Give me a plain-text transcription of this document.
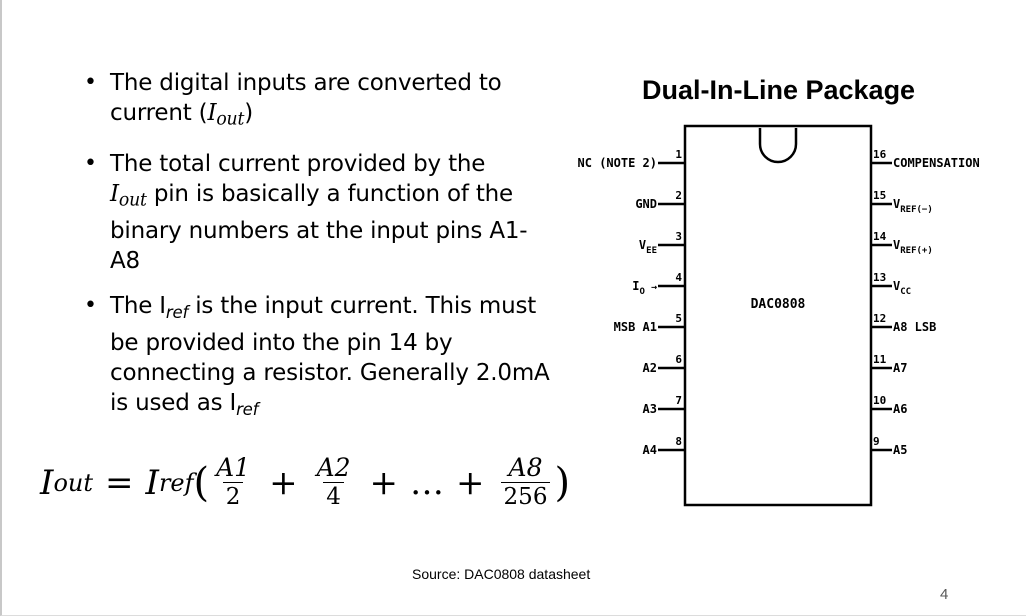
• The digital inputs are converted to current (Iout)
• The total current provided by the
Iout pin is basically a function of the binary numbers at the input pins A1- A8
• The $I_{ref}$ is the input current. This must be provided into the pin 14 by connecting a resistor. Generally 2.0mA is used as $I_{ref}$
I out = I ref ( $\frac{A1}{2} + \frac{A2}{4}$ + … + $\frac{A8}{256}$ )
Dual-In-Line Package
DAC0808
1
NC (NOTE 2)
2
GND
3
$V_{EE}$
4
$I_O$ →
5
MSB A1
6
A2
7
A3
8
A4
16
COMPENSATION
15
$V_{REF(-)}$
14
$V_{REF(+)}$
13
$V_{CC}$
12
A8 LSB
11
A7
10
A6
9
A5
Source: DAC0808 datasheet
4
